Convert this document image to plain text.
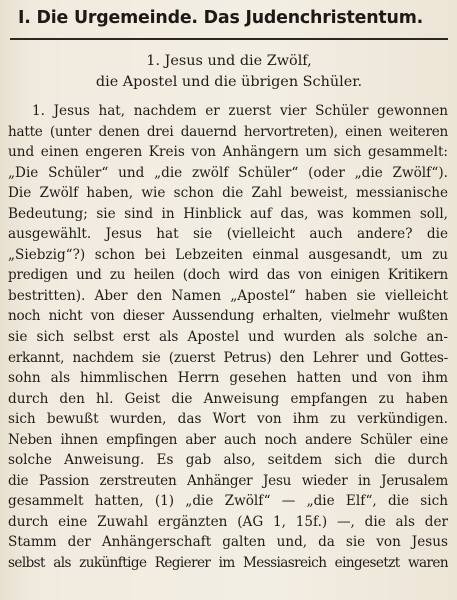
I. Die Urgemeinde. Das Judenchristentum.
1. Jesus und die Zwölf,
die Apostel und die übrigen Schüler.
1. Jesus hat, nachdem er zuerst vier Schüler gewonnen
hatte (unter denen drei dauernd hervortreten), einen weiteren
und einen engeren Kreis von Anhängern um sich gesammelt:
„Die Schüler“ und „die zwölf Schüler“ (oder „die Zwölf“).
Die Zwölf haben, wie schon die Zahl beweist, messianische
Bedeutung; sie sind in Hinblick auf das, was kommen soll,
ausgewählt. Jesus hat sie (vielleicht auch andere? die
„Siebzig“?) schon bei Lebzeiten einmal ausgesandt, um zu
predigen und zu heilen (doch wird das von einigen Kritikern
bestritten). Aber den Namen „Apostel“ haben sie vielleicht
noch nicht von dieser Aussendung erhalten, vielmehr wußten
sie sich selbst erst als Apostel und wurden als solche an-
erkannt, nachdem sie (zuerst Petrus) den Lehrer und Gottes-
sohn als himmlischen Herrn gesehen hatten und von ihm
durch den hl. Geist die Anweisung empfangen zu haben
sich bewußt wurden, das Wort von ihm zu verkündigen.
Neben ihnen empfingen aber auch noch andere Schüler eine
solche Anweisung. Es gab also, seitdem sich die durch
die Passion zerstreuten Anhänger Jesu wieder in Jerusalem
gesammelt hatten, (1) „die Zwölf“ — „die Elf“, die sich
durch eine Zuwahl ergänzten (AG 1, 15f.) —, die als der
Stamm der Anhängerschaft galten und, da sie von Jesus
selbst als zukünftige Regierer im Messiasreich eingesetzt waren
